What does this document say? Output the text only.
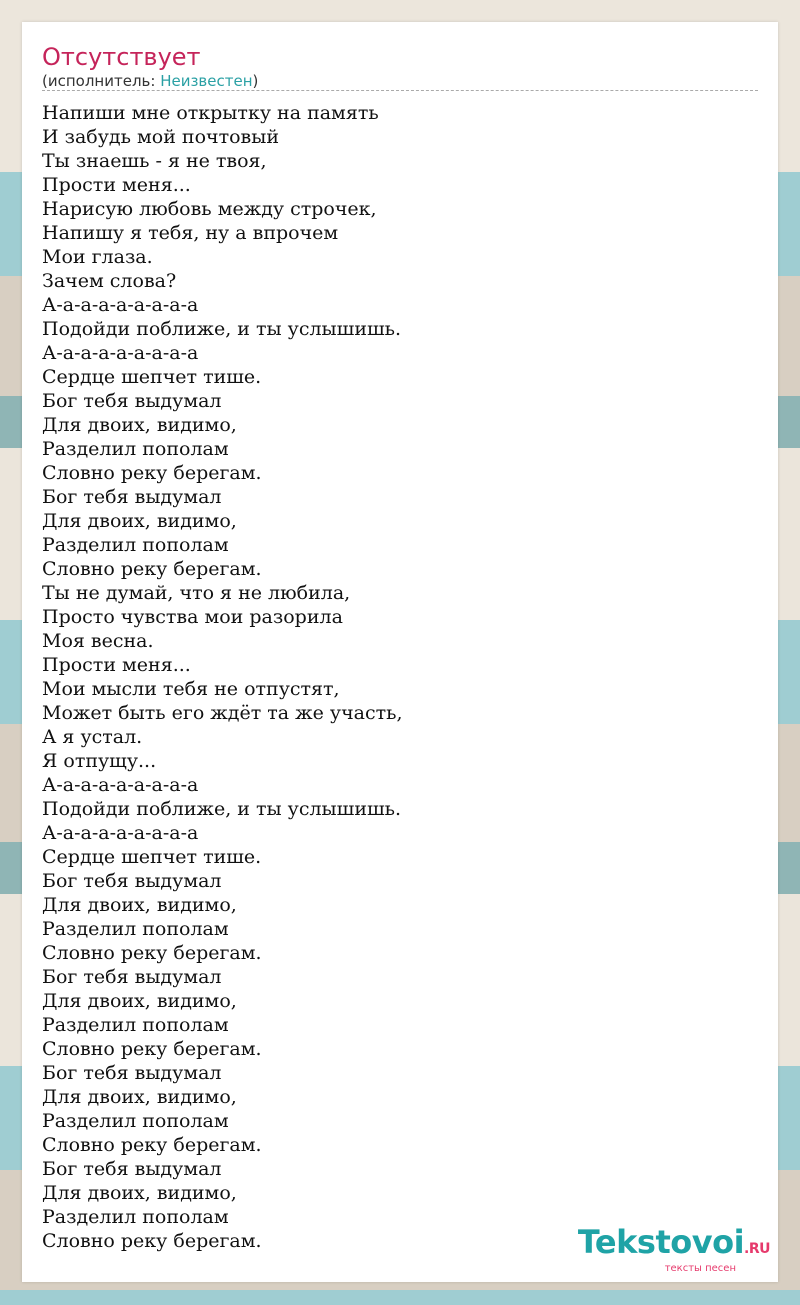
Отсутствует
(исполнитель: Неизвестен)
Напиши мне открытку на память
И забудь мой почтовый
Ты знаешь - я не твоя,
Прости меня...
Нарисую любовь между строчек,
Напишу я тебя, ну а впрочем
Мои глаза.
Зачем слова?
А-а-а-а-а-а-а-а-а
Подойди поближе, и ты услышишь.
А-а-а-а-а-а-а-а-а
Сердце шепчет тише.
Бог тебя выдумал
Для двоих, видимо,
Разделил пополам
Словно реку берегам.
Бог тебя выдумал
Для двоих, видимо,
Разделил пополам
Словно реку берегам.
Ты не думай, что я не любила,
Просто чувства мои разорила
Моя весна.
Прости меня...
Мои мысли тебя не отпустят,
Может быть его ждёт та же участь,
А я устал.
Я отпущу...
А-а-а-а-а-а-а-а-а
Подойди поближе, и ты услышишь.
А-а-а-а-а-а-а-а-а
Сердце шепчет тише.
Бог тебя выдумал
Для двоих, видимо,
Разделил пополам
Словно реку берегам.
Бог тебя выдумал
Для двоих, видимо,
Разделил пополам
Словно реку берегам.
Бог тебя выдумал
Для двоих, видимо,
Разделил пополам
Словно реку берегам.
Бог тебя выдумал
Для двоих, видимо,
Разделил пополам
Словно реку берегам.	Tekstovoi.RU
тексты песен
